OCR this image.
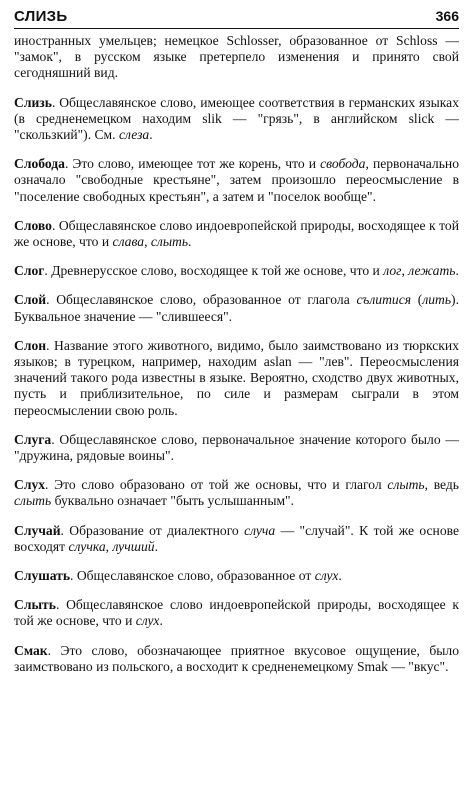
СЛИЗЬ	366

иностранных умельцев; немецкое Schlosser, образованное от Schloss — "замок", в русском языке претерпело изменения и принято свой сегодняшний вид.

Слизь. Общеславянское слово, имеющее соответствия в германских языках (в средненемецком находим slik — "грязь", в английском slick — "скользкий"). См. слеза.

Слобода. Это слово, имеющее тот же корень, что и свобода, первоначально означало "свободные крестьяне", затем произошло переосмысление в "поселение свободных крестьян", а затем и "поселок вообще".

Слово. Общеславянское слово индоевропейской природы, восходящее к той же основе, что и слава, слыть.

Слог. Древнерусское слово, восходящее к той же основе, что и лог, лежать.

Слой. Общеславянское слово, образованное от глагола сълитися (лить). Буквальное значение — "слившееся".

Слон. Название этого животного, видимо, было заимствовано из тюркских языков; в турецком, например, находим aslan — "лев". Переосмысления значений такого рода известны в языке. Вероятно, сходство двух животных, пусть и приблизительное, по силе и размерам сыграли в этом переосмыслении свою роль.

Слуга. Общеславянское слово, первоначальное значение которого было — "дружина, рядовые воины".

Слух. Это слово образовано от той же основы, что и глагол слыть, ведь слыть буквально означает "быть услышанным".

Случай. Образование от диалектного случа — "случай". К той же основе восходят случка, лучший.

Слушать. Общеславянское слово, образованное от слух.

Слыть. Общеславянское слово индоевропейской природы, восходящее к той же основе, что и слух.

Смак. Это слово, обозначающее приятное вкусовое ощущение, было заимствовано из польского, а восходит к средненемецкому Smak — "вкус".
